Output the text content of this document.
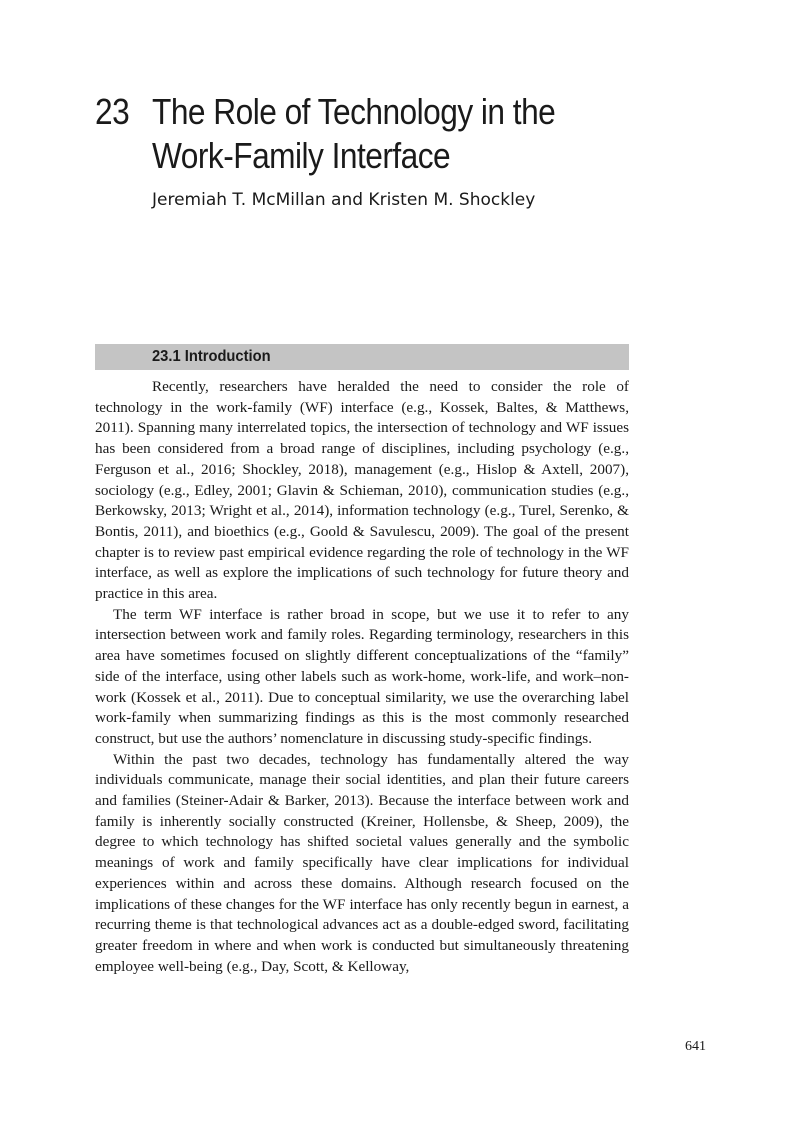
23 The Role of Technology in the Work-Family Interface
Jeremiah T. McMillan and Kristen M. Shockley
23.1 Introduction

Recently, researchers have heralded the need to consider the role of technology in the work-family (WF) interface (e.g., Kossek, Baltes, & Matthews, 2011). Spanning many interrelated topics, the intersection of technology and WF issues has been considered from a broad range of disciplines, including psychology (e.g., Ferguson et al., 2016; Shockley, 2018), management (e.g., Hislop & Axtell, 2007), sociology (e.g., Edley, 2001; Glavin & Schieman, 2010), communication studies (e.g., Berkowsky, 2013; Wright et al., 2014), information technology (e.g., Turel, Serenko, & Bontis, 2011), and bioethics (e.g., Goold & Savulescu, 2009). The goal of the present chapter is to review past empirical evidence regarding the role of technology in the WF interface, as well as explore the implications of such technology for future theory and practice in this area.

The term WF interface is rather broad in scope, but we use it to refer to any intersection between work and family roles. Regarding terminology, researchers in this area have sometimes focused on slightly different conceptualizations of the “family” side of the interface, using other labels such as work-home, work-life, and work–non-work (Kossek et al., 2011). Due to conceptual similarity, we use the overarching label work-family when summarizing findings as this is the most commonly researched construct, but use the authors’ nomenclature in discussing study-specific findings.

Within the past two decades, technology has fundamentally altered the way individuals communicate, manage their social identities, and plan their future careers and families (Steiner-Adair & Barker, 2013). Because the interface between work and family is inherently socially constructed (Kreiner, Hollensbe, & Sheep, 2009), the degree to which technology has shifted societal values generally and the symbolic meanings of work and family specifically have clear implications for individual experiences within and across these domains. Although research focused on the implications of these changes for the WF interface has only recently begun in earnest, a recurring theme is that technological advances act as a double-edged sword, facilitating greater freedom in where and when work is conducted but simultaneously threatening employee well-being (e.g., Day, Scott, & Kelloway,

641
